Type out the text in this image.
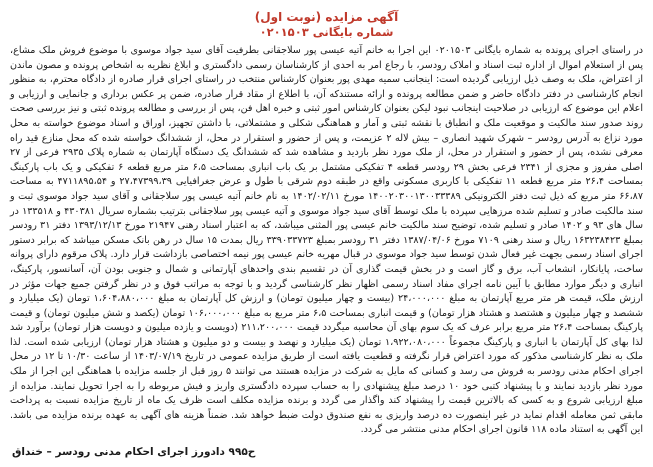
آگهی مزایده (نوبت اول)
شماره بایگانی ۰۲۰۱۵۰۳

در راستای اجرای پرونده به شماره بایگانی ۰۲۰۱۵۰۳ این اجرا به خانم آتیه عیسی پور سلاجقانی بطرفیت آقای سید جواد موسوی با موضوع فروش ملک مشاع، پس از استعلام اموال از اداره ثبت اسناد و املاک رودسر، با رجاع امر به احدی از کارشناسان رسمی دادگستری و ابلاغ نظریه به اشخاص پرونده و مصون ماندن از اعتراض، ملک به وصف ذیل ارزیابی گردیده است: اینجانب سمیه مهدی پور بعنوان کارشناس منتخب در راستای اجرای قرار صادره از دادگاه محترم، به منظور انجام کارشناسی در دفتر دادگاه حاضر و ضمن مطالعه پرونده و ارائه مستندکه آن، با اطلاع از مقاد قرار صادره، ضمن پر عکس برداری و جانمایی و ارزیابی و اعلام این موضوع که ارزیابی در صلاحیت اینجانب نبود لیکن بعنوان کارشناس امور ثبتی و خبره اهل فن، پس از بررسی و مطالعه پرونده ثبتی و نیز بررسی صحت روند صدور سند مالکیت و موقعیت ملک و انطباق با نقشه ثبتی و آمار و هماهنگی شکلی و مشتملاتی، با داشتن تجهیز، اوراق و اسناد موضوع خواسته به محل مورد نزاع به آدرس رودسر – شهرک شهید انصاری – بیش لاله ۲ عزیمت، و پس از حضور و استقرار در محل، از ششدانگ خواسته شده که محل منازع قید راه معرفی نشده، پس از حضور و استقرار در محل، از ملک مورد نظر بازدید و مشاهده شد که ششدانگ یک دستگاه آپارتمان به شماره پلاک ۲۹۳۵ فرعی از ۲۷ اصلی مفروز و مجزی از ۲۳۴۱ فرعی بخش ۲۹ رودسر قطعه ۴ تفکیکی مشتمل بر یک باب انباری بمساحت ۶،۵ متر مربع قطعه ۶ تفکیکی و یک باب پارکینگ بمساحت ۲۶،۴ متر مربع قطعه ۱۱ تفکیکی با کاربری مسکونی واقع در طبقه دوم شرقی با طول و عرض جغرافیایی ۲۷،۴۷۳۹۹،۳۹ و ۴۷۱۱۸۹۵،۵۴ به مساحت ۶۶،۸۷ متر مربع که ذیل ثبت دفتر الکترونیکی ۱۴۰۰۲۰۳۰۰۱۳۰۰۳۳۳۸۹ مورخ ۱۴۰۲/۰۲/۱۱ به نام خانم آتیه عیسی پور سلاجقانی و آقای سید جواد موسوی ثبت و سند مالکیت صادر و تسلیم شده مرزهایی سپرده با ملک توسط آقای سید جواد موسوی و آتیه عیسی پور سلاجقانی بترتیب بشماره سریال ۴۳۰۳۸۱ و ۱۳۳۵۱۸ در سال های ۹۳ و ۱۴۰۲ صادر و تسلیم شده، توضیح سند مالکیت خانم عیسی پور المثنی میباشد، که به اعتبار اسناد رهنی ۲۱۹۴۷ مورخ ۱۳۹۳/۱۲/۱۳ دفتر ۳۱ رودسر بمبلغ ۱۶۳۲۳۸۴۲۳ ریال و سند رهنی ۷۱۰۹ مورخ ۱۳۸۷/۰۴/۰۶ دفتر ۳۱ رودسر بمبلغ ۳۳۹۰۳۳۷۲۳ ریال بمدت ۱۵ سال در رهن بانک مسکن میباشد که برابر دستور اجرای اسناد رسمی بجهت غیر فعال شدن توسط سید جواد موسوی در قبال مهریه خانم عیسی پور نیمه اختصاصی بازداشت قرار دارد. پلاک مرقوم دارای پروانه ساخت، پایانکار، انشعاب آب، برق و گاز است و در بخش قیمت گذاری آن در تقسیم بندی واحدهای آپارتمانی و شمال و جنوبی بودن آن، آسانسور، پارکینگ، انباری و دیگر موارد مطابق با آیین نامه اجرای مفاد اسناد رسمی اظهار نظر کارشناسی گردید و با توجه به مراتب فوق و در نظر گرفتن جمیع جهات مؤثر در ارزش ملک، قیمت هر متر مربع آپارتمان به مبلغ ۲۴،۰۰۰،۰۰۰ (بیست و چهار میلیون تومان) و ارزش کل آپارتمان به مبلغ ۱،۶۰۴،۸۸۰،۰۰۰ تومان (یک میلیارد و ششصد و چهار میلیون و هشتصد و هشتاد هزار تومان) و قیمت انباری بمساحت ۶،۵ متر مربع به مبلغ ۱۰۶،۰۰۰،۰۰۰ تومان (یکصد و شش میلیون تومان) و قیمت پارکینگ بمساحت ۲۶،۴ متر مربع برابر عرف که یک سوم بهای آن محاسبه میگردد قیمت ۲۱۱،۲۰۰،۰۰۰ (دویست و یازده میلیون و دویست هزار تومان) برآورد شد لذا بهای کل آپارتمان با انباری و پارکینگ مجموعاً ۱،۹۲۲،۰۸۰،۰۰۰ تومان (یک میلیارد و نهصد و بیست و دو میلیون و هشتاد هزار تومان) ارزیابی شده است. لذا ملک به نظر کارشناسی مذکور که مورد اعتراض قرار نگرفته و قطعیت یافته است از طریق مزایده عمومی در تاریخ ۱۴۰۳/۰۷/۱۹ از ساعت ۱۰/۳۰ تا ۱۲ در محل اجرای احکام مدنی رودسر به فروش می رسد و کسانی که مایل به شرکت در مزایده هستند می توانند ۵ روز قبل از جلسه مزایده با هماهنگی این اجرا از ملک مورد نظر بازدید نمایند و با پیشنهاد کتبی خود ۱۰ درصد مبلغ پیشنهادی را به حساب سپرده دادگستری واریز و فیش مربوطه را به اجرا تحویل نمایند. مزایده از مبلغ ارزیابی شروع و به کسی که بالاترین قیمت را پیشنهاد کند واگذار می گردد و برنده مزایده مکلف است ظرف یک ماه از تاریخ مزایده نسبت به پرداخت مابقی ثمن معامله اقدام نماید در غیر اینصورت ده درصد واریزی به نفع صندوق دولت ضبط خواهد شد. ضمناً هزینه های آگهی به عهده برنده مزایده می باشد. این آگهی به استناد ماده ۱۱۸ قانون اجرای احکام مدنی منتشر می گردد.

ح۹۹۵ دادورز اجرای احکام مدنی رودسر – خنداق
